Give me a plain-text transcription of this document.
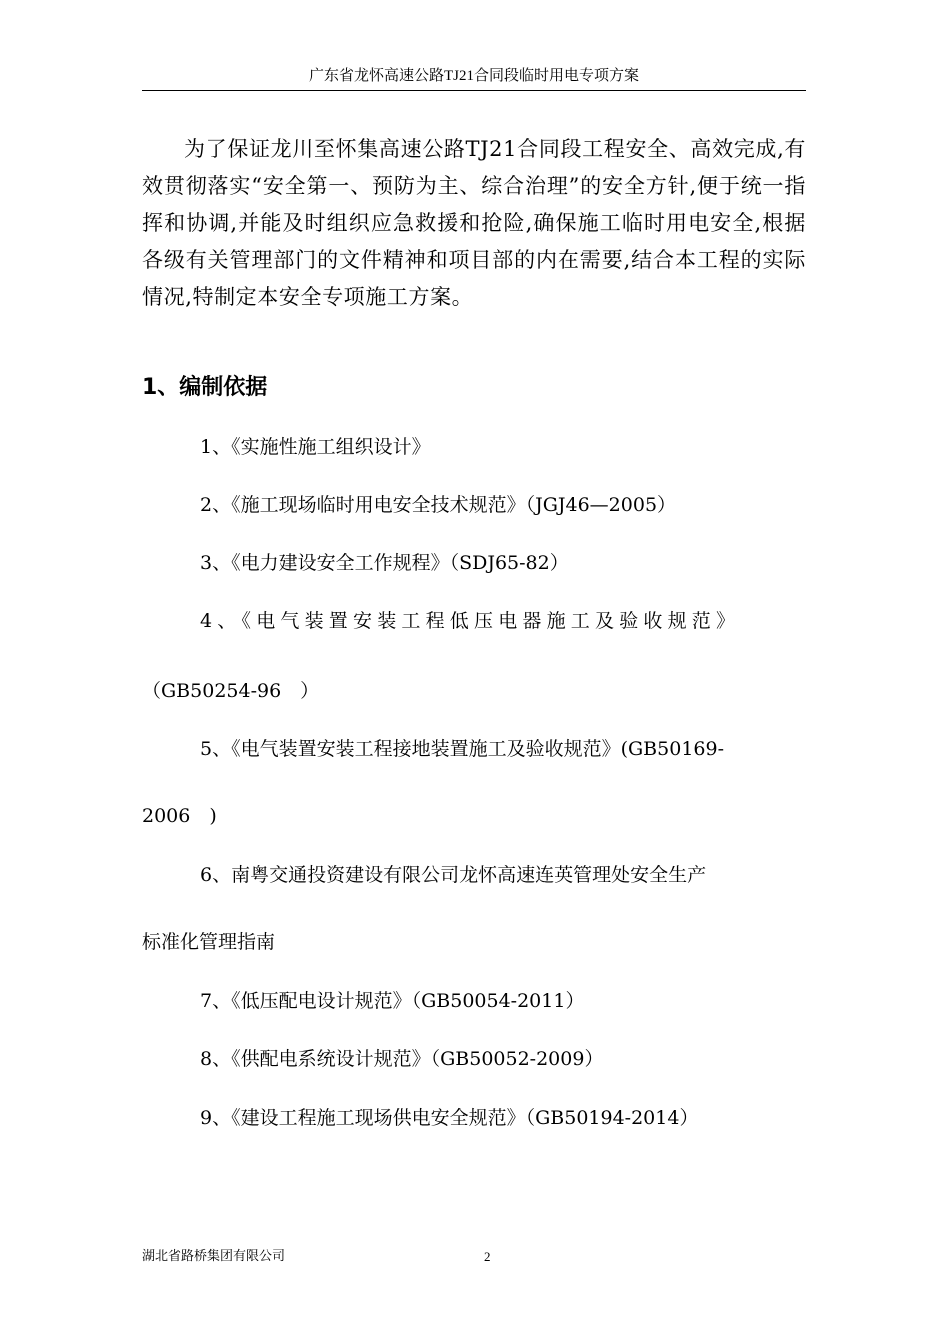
广东省龙怀高速公路TJ21合同段临时用电专项方案

为了保证龙川至怀集高速公路TJ21合同段工程安全、高效完成,有效贯彻落实“安全第一、预防为主、综合治理”的安全方针,便于统一指挥和协调,并能及时组织应急救援和抢险,确保施工临时用电安全,根据各级有关管理部门的文件精神和项目部的内在需要,结合本工程的实际情况,特制定本安全专项施工方案。

1、编制依据

1、《实施性施工组织设计》

2、《施工现场临时用电安全技术规范》（JGJ46—2005）

3、《电力建设安全工作规程》（SDJ65-82）

4、《电气装置安装工程低压电器施工及验收规范》

（GB50254-96　）

5、《电气装置安装工程接地装置施工及验收规范》(GB50169-

2006　)

6、南粤交通投资建设有限公司龙怀高速连英管理处安全生产

标准化管理指南

7、《低压配电设计规范》（GB50054-2011）

8、《供配电系统设计规范》（GB50052-2009）

9、《建设工程施工现场供电安全规范》（GB50194-2014）

湖北省路桥集团有限公司	2
